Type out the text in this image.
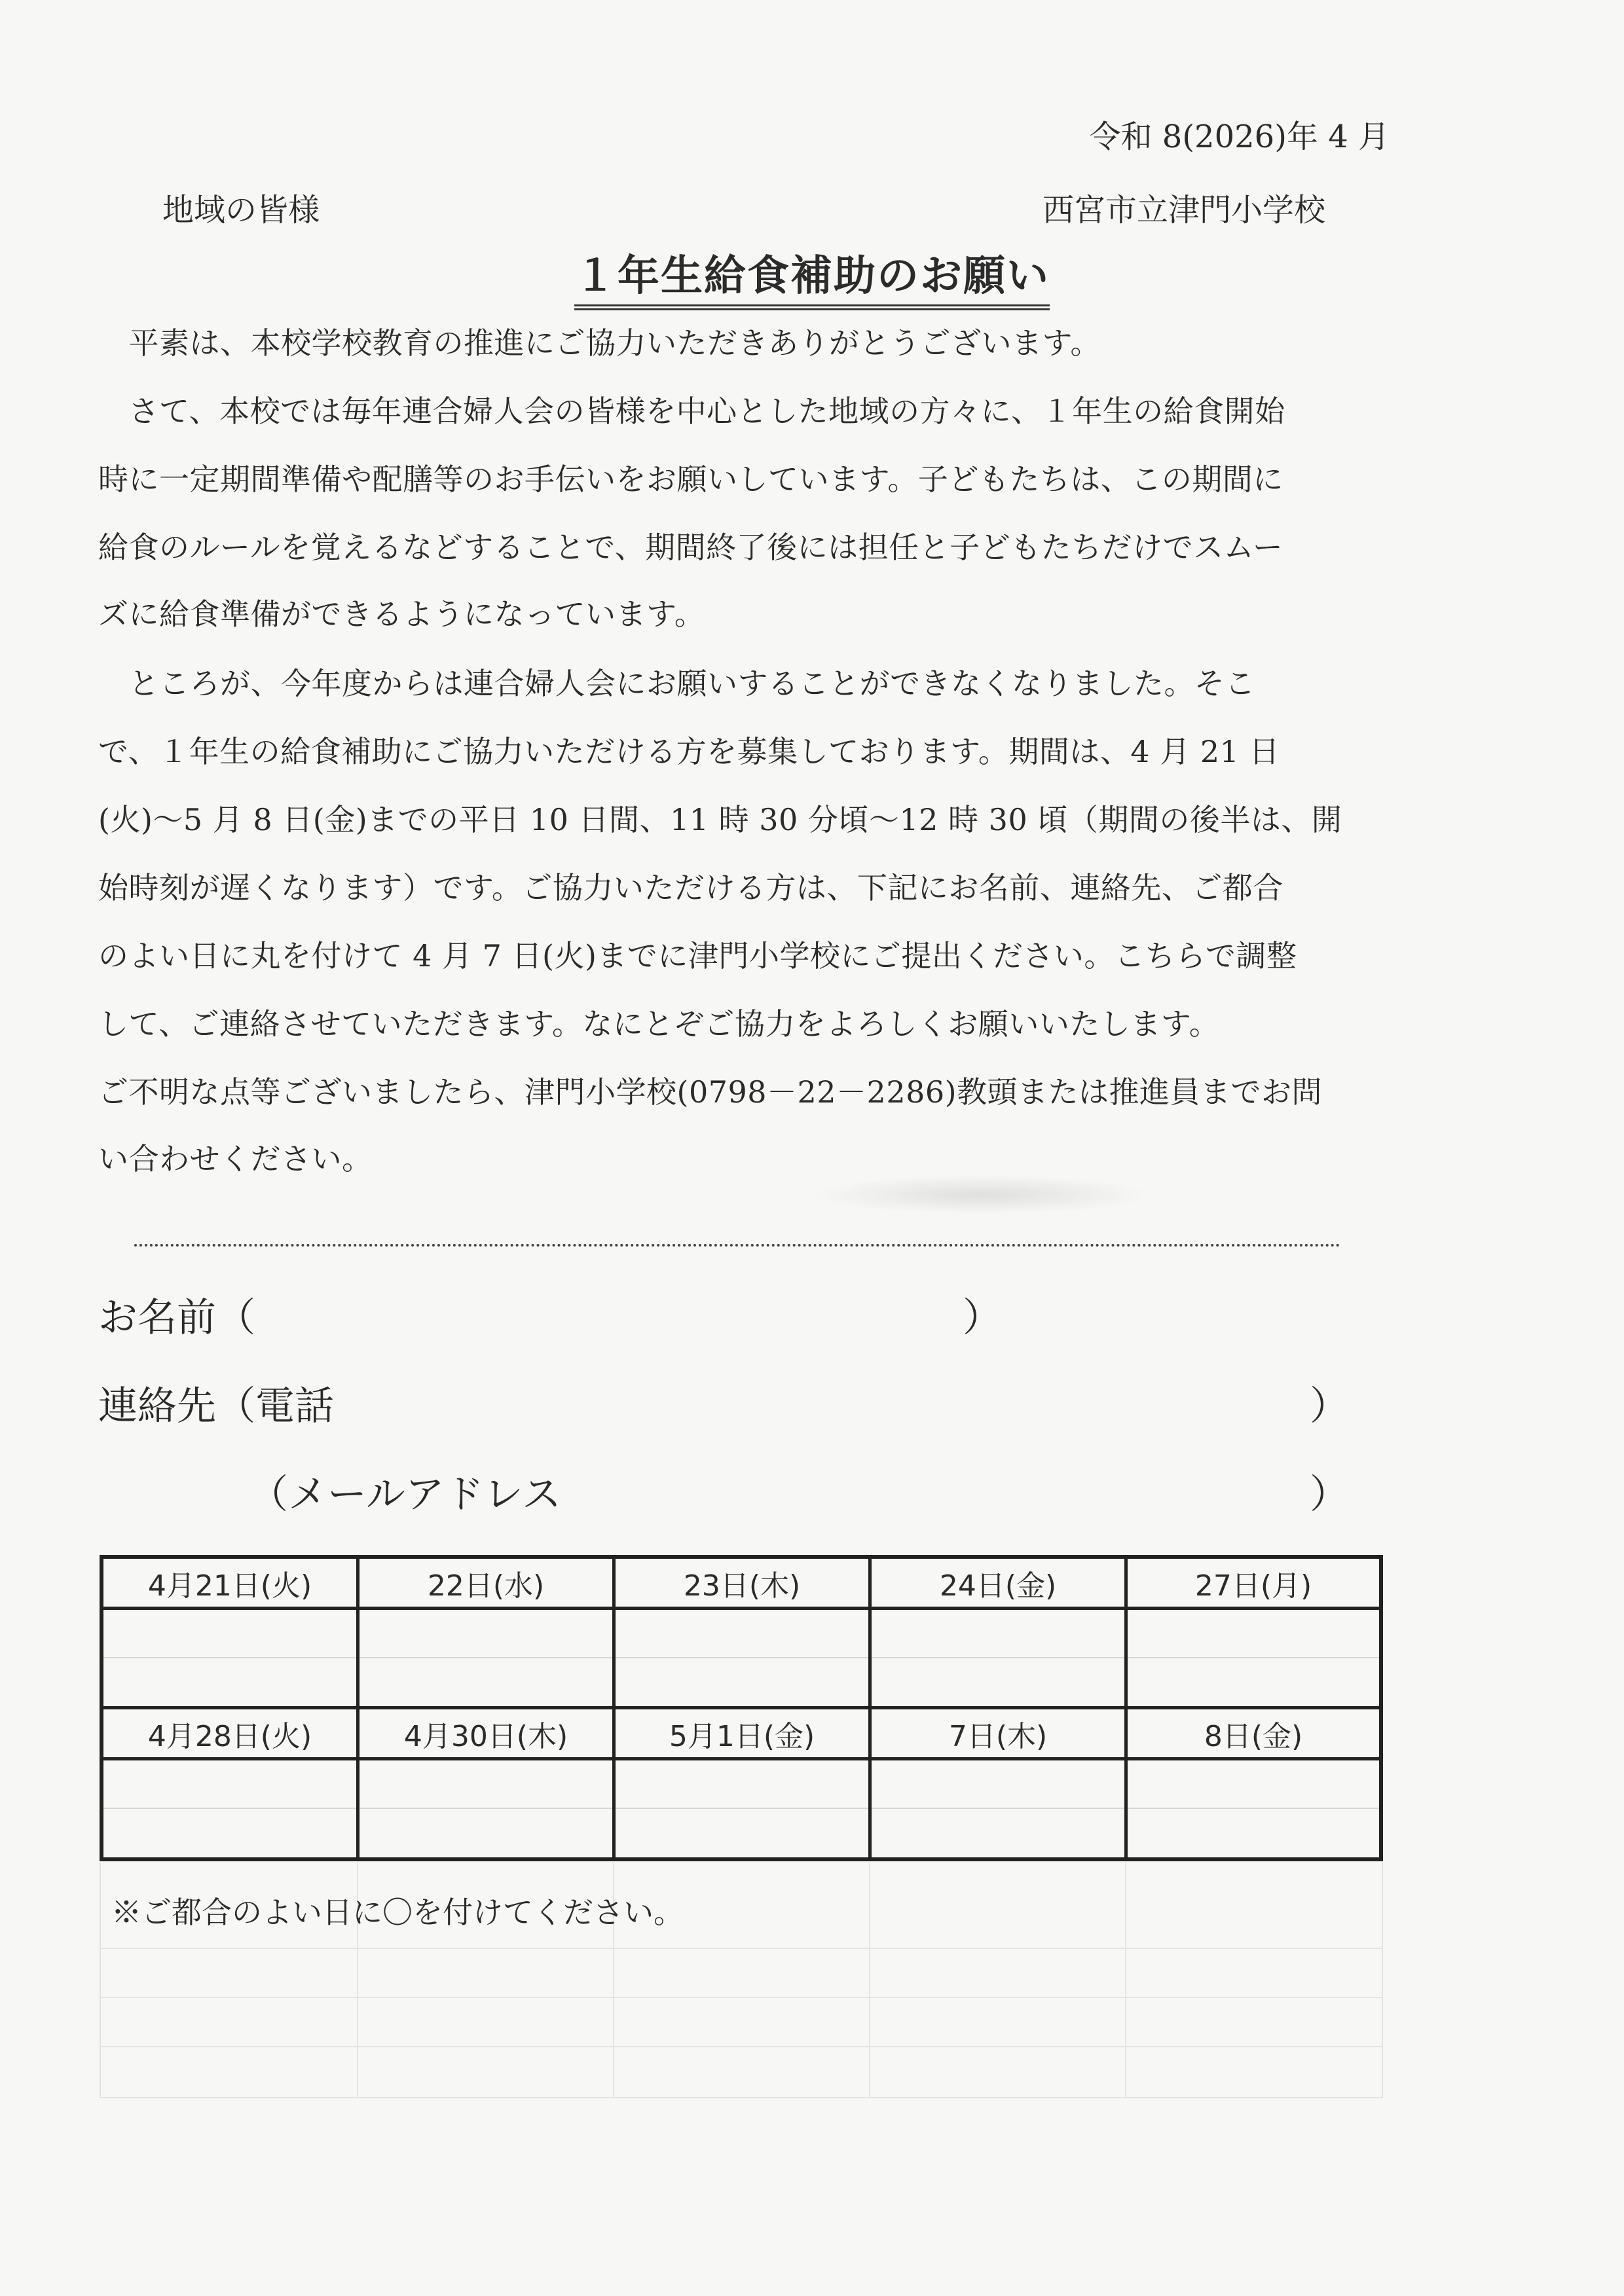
令和 8(2026)年 4 月
地域の皆様	西宮市立津門小学校
１年生給食補助のお願い
　平素は、本校学校教育の推進にご協力いただきありがとうございます。
　さて、本校では毎年連合婦人会の皆様を中心とした地域の方々に、１年生の給食開始
時に一定期間準備や配膳等のお手伝いをお願いしています。子どもたちは、この期間に
給食のルールを覚えるなどすることで、期間終了後には担任と子どもたちだけでスムー
ズに給食準備ができるようになっています。
　ところが、今年度からは連合婦人会にお願いすることができなくなりました。そこ
で、１年生の給食補助にご協力いただける方を募集しております。期間は、4 月 21 日
(火)～5 月 8 日(金)までの平日 10 日間、11 時 30 分頃～12 時 30 頃（期間の後半は、開
始時刻が遅くなります）です。ご協力いただける方は、下記にお名前、連絡先、ご都合
のよい日に丸を付けて 4 月 7 日(火)までに津門小学校にご提出ください。こちらで調整
して、ご連絡させていただきます。なにとぞご協力をよろしくお願いいたします。
ご不明な点等ございましたら、津門小学校(0798－22－2286)教頭または推進員までお問
い合わせください。
お名前（	）
連絡先（電話	）
（メールアドレス	）
4月21日(火)	22日(水)	23日(木)	24日(金)	27日(月)
4月28日(火)	4月30日(木)	5月1日(金)	7日(木)	8日(金)
※ご都合のよい日に〇を付けてください。
